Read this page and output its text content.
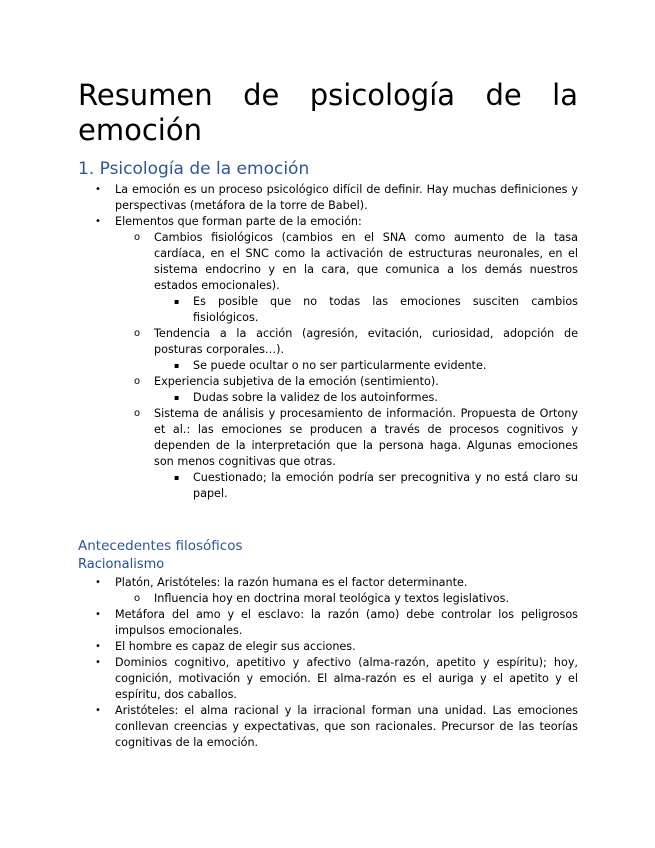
Resumen de psicología de la
emoción
1. Psicología de la emoción
• La emoción es un proceso psicológico difícil de definir. Hay muchas definiciones y perspectivas (metáfora de la torre de Babel).
• Elementos que forman parte de la emoción:
o Cambios fisiológicos (cambios en el SNA como aumento de la tasa cardíaca, en el SNC como la activación de estructuras neuronales, en el sistema endocrino y en la cara, que comunica a los demás nuestros estados emocionales).
▪ Es posible que no todas las emociones susciten cambios fisiológicos.
o Tendencia a la acción (agresión, evitación, curiosidad, adopción de posturas corporales…).
▪ Se puede ocultar o no ser particularmente evidente.
o Experiencia subjetiva de la emoción (sentimiento).
▪ Dudas sobre la validez de los autoinformes.
o Sistema de análisis y procesamiento de información. Propuesta de Ortony et al.: las emociones se producen a través de procesos cognitivos y dependen de la interpretación que la persona haga. Algunas emociones son menos cognitivas que otras.
▪ Cuestionado; la emoción podría ser precognitiva y no está claro su papel.
Antecedentes filosóficos
Racionalismo
• Platón, Aristóteles: la razón humana es el factor determinante.
o Influencia hoy en doctrina moral teológica y textos legislativos.
• Metáfora del amo y el esclavo: la razón (amo) debe controlar los peligrosos impulsos emocionales.
• El hombre es capaz de elegir sus acciones.
• Dominios cognitivo, apetitivo y afectivo (alma-razón, apetito y espíritu); hoy, cognición, motivación y emoción. El alma-razón es el auriga y el apetito y el espíritu, dos caballos.
• Aristóteles: el alma racional y la irracional forman una unidad. Las emociones conllevan creencias y expectativas, que son racionales. Precursor de las teorías cognitivas de la emoción.
